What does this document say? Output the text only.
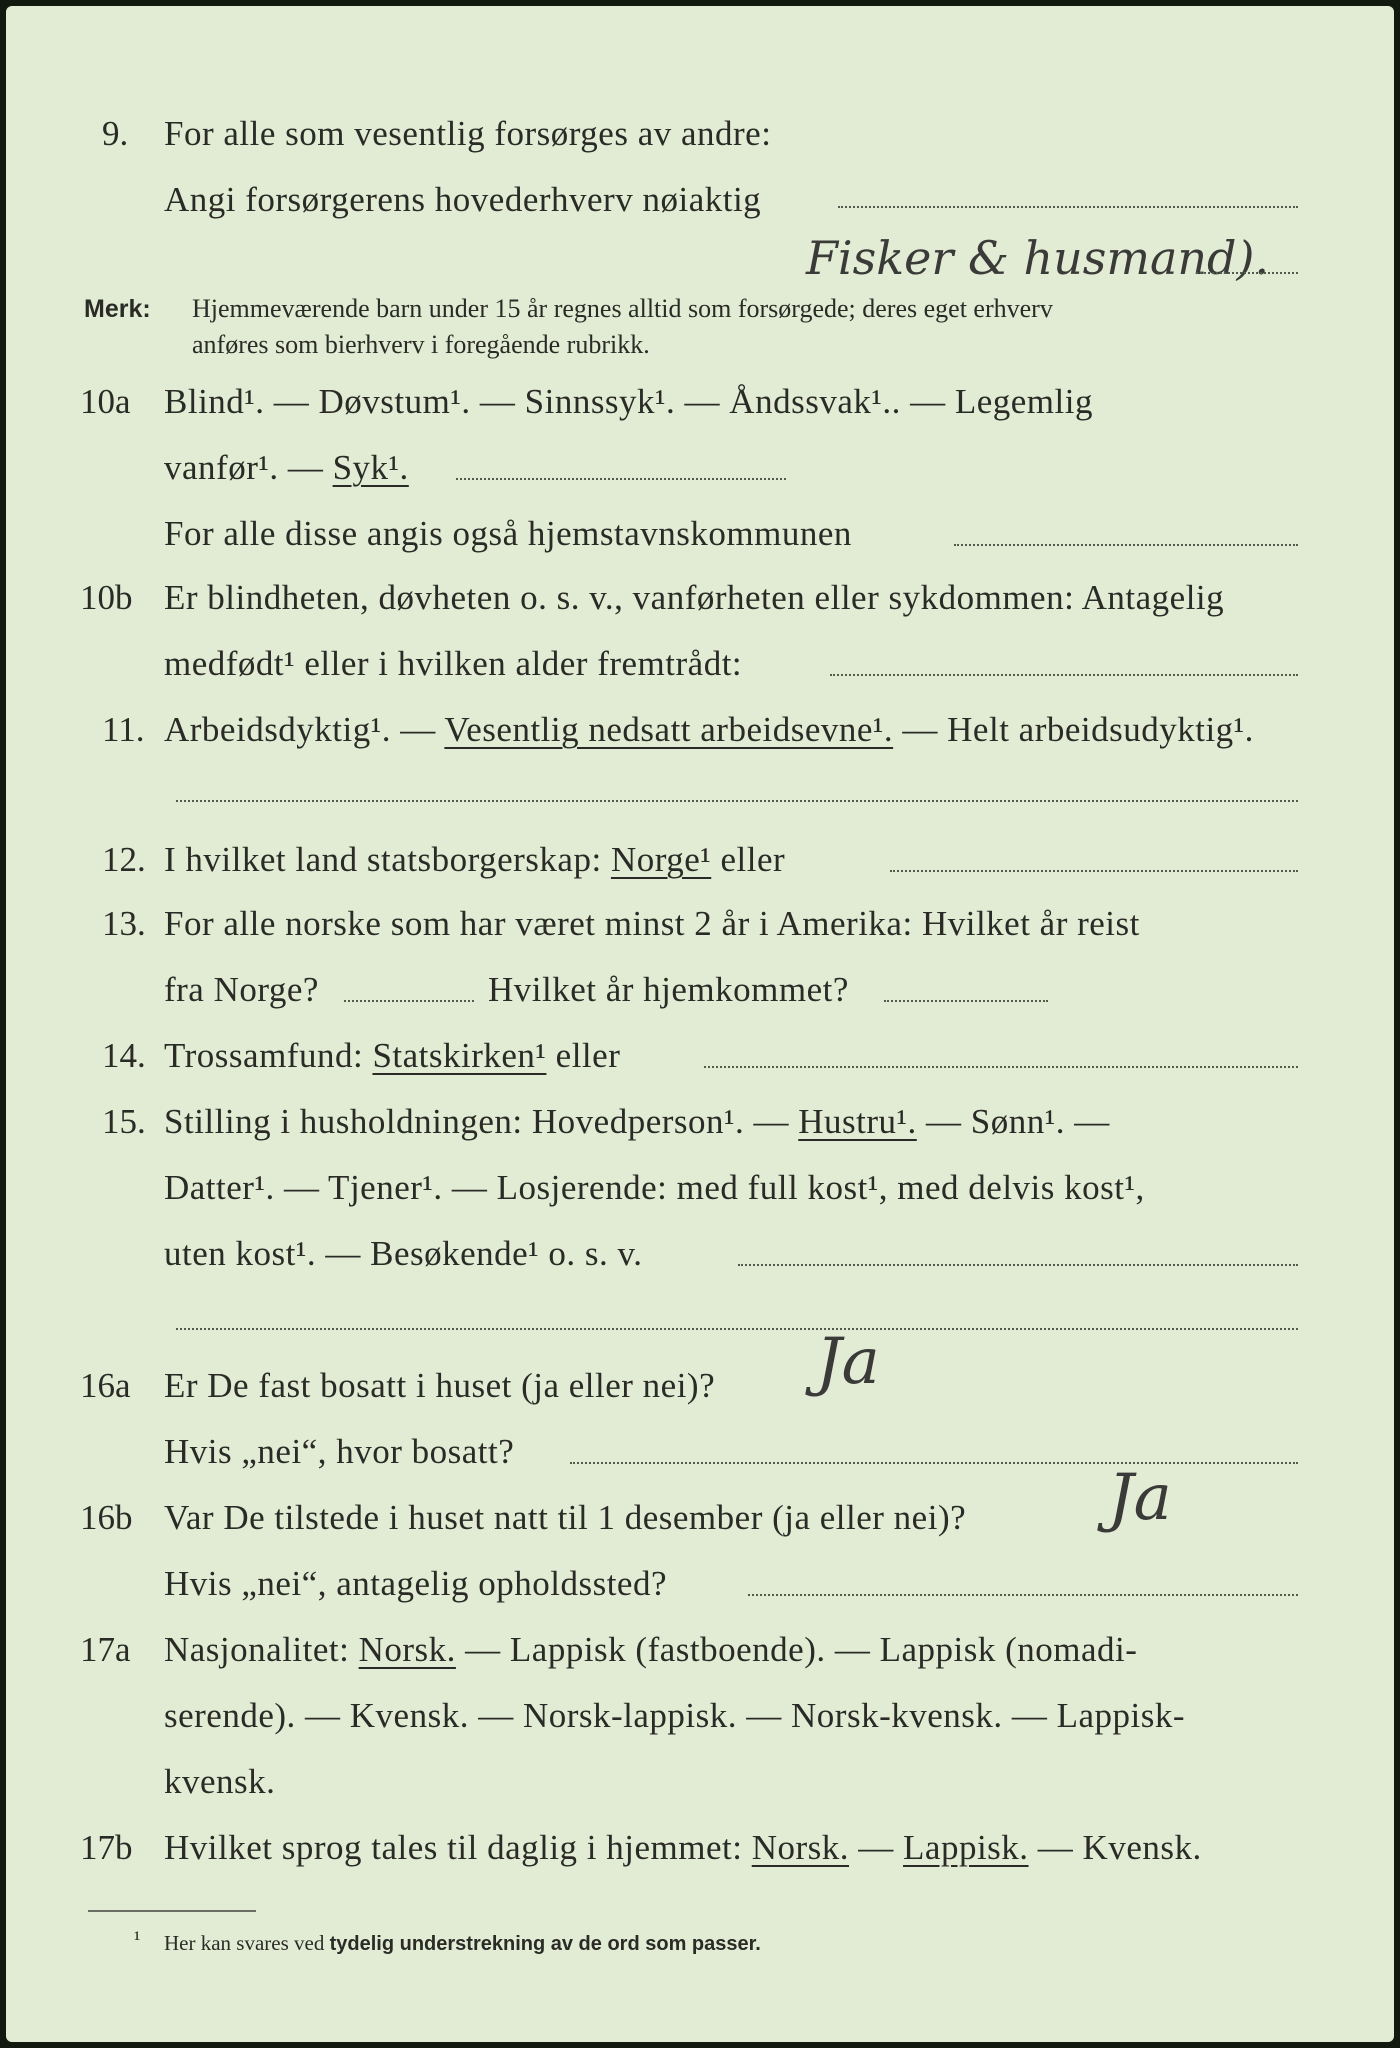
9. For alle som vesentlig forsørges av andre:
Angi forsørgerens hovederhverv nøiaktig
Fisker & husmand).
Merk: Hjemmeværende barn under 15 år regnes alltid som forsørgede; deres eget erhverv
anføres som bierhverv i foregående rubrikk.
10a Blind¹. — Døvstum¹. — Sinnssyk¹. — Åndssvak¹.. — Legemlig
vanfør¹. — Syk¹.
For alle disse angis også hjemstavnskommunen
10b Er blindheten, døvheten o. s. v., vanførheten eller sykdommen: Antagelig
medfødt¹ eller i hvilken alder fremtrådt:
11. Arbeidsdyktig¹. — Vesentlig nedsatt arbeidsevne¹. — Helt arbeidsudyktig¹.
12. I hvilket land statsborgerskap: Norge¹ eller
13. For alle norske som har været minst 2 år i Amerika: Hvilket år reist
fra Norge?	Hvilket år hjemkommet?
14. Trossamfund: Statskirken¹ eller
15. Stilling i husholdningen: Hovedperson¹. — Hustru¹. — Sønn¹. —
Datter¹. — Tjener¹. — Losjerende: med full kost¹, med delvis kost¹,
uten kost¹. — Besøkende¹ o. s. v.
16a Er De fast bosatt i huset (ja eller nei)? Ja
Hvis „nei“, hvor bosatt?
16b Var De tilstede i huset natt til 1 desember (ja eller nei)? Ja
Hvis „nei“, antagelig opholdssted?
17a Nasjonalitet: Norsk. — Lappisk (fastboende). — Lappisk (nomadi-
serende). — Kvensk. — Norsk-lappisk. — Norsk-kvensk. — Lappisk-
kvensk.
17b Hvilket sprog tales til daglig i hjemmet: Norsk. — Lappisk. — Kvensk.
¹ Her kan svares ved tydelig understrekning av de ord som passer.
